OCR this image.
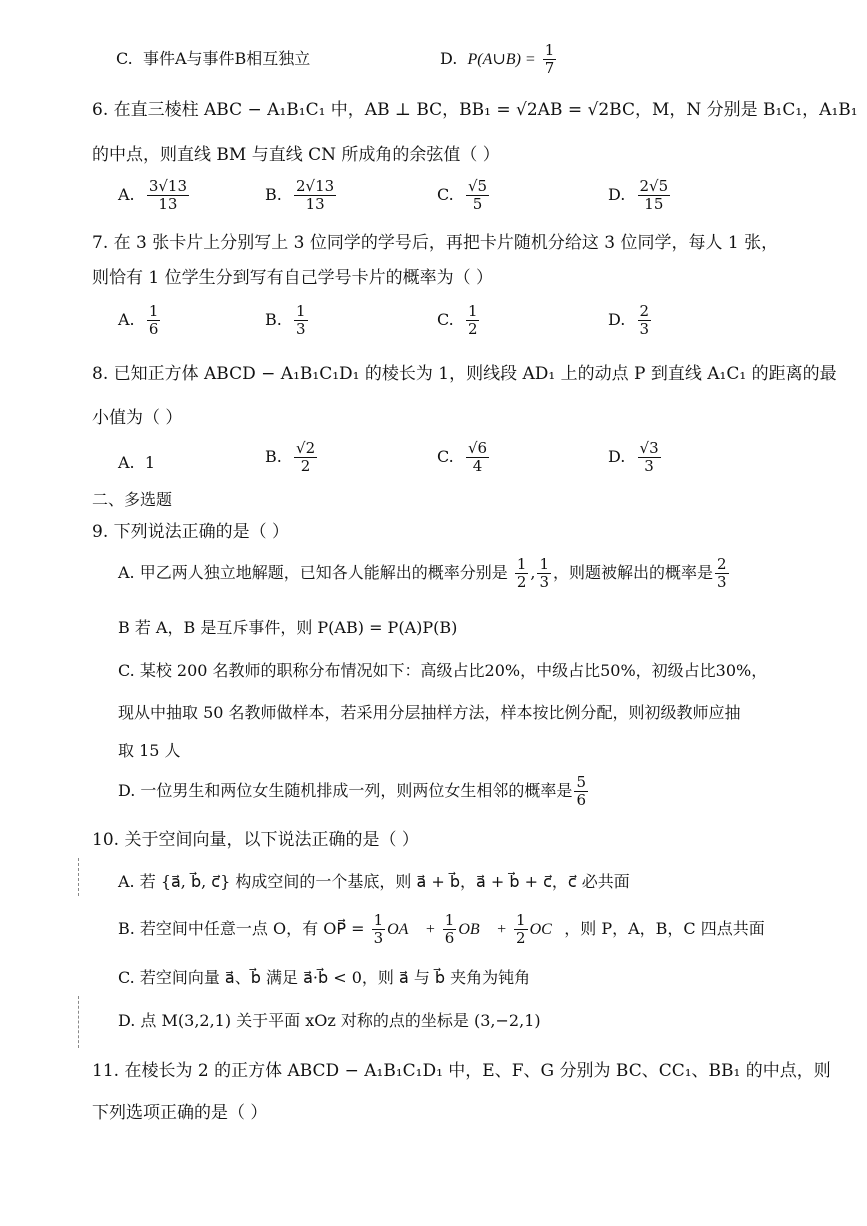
C. 事件A与事件B相互独立	D. P(A∪B) = $\frac{1}{7}$
6. 在直三棱柱 ABC − A₁B₁C₁ 中，AB ⊥ BC，BB₁ = √2AB = √2BC，M，N 分别是 B₁C₁，A₁B₁
的中点，则直线 BM 与直线 CN 所成角的余弦值（ ）
A. $\frac{3√13}{13}$	B. $\frac{2√13}{13}$	C. $\frac{√5}{5}$	D. $\frac{2√5}{15}$
7. 在 3 张卡片上分别写上 3 位同学的学号后，再把卡片随机分给这 3 位同学，每人 1 张，
则恰有 1 位学生分到写有自己学号卡片的概率为（ ）
A. $\frac{1}{6}$	B. $\frac{1}{3}$	C. $\frac{1}{2}$	D. $\frac{2}{3}$
8. 已知正方体 ABCD − A₁B₁C₁D₁ 的棱长为 1，则线段 AD₁ 上的动点 P 到直线 A₁C₁ 的距离的最
小值为（ ）
A. 1	B. $\frac{√2}{2}$	C. $\frac{√6}{4}$	D. $\frac{√3}{3}$
二、多选题
9. 下列说法正确的是（ ）
A. 甲乙两人独立地解题，已知各人能解出的概率分别是 $\frac{1}{2}$ , $\frac{1}{3}$ ，则题被解出的概率是 $\frac{2}{3}$
B 若 A，B 是互斥事件，则 P(AB) = P(A)P(B)
C. 某校 200 名教师的职称分布情况如下：高级占比20%，中级占比50%，初级占比30%，
现从中抽取 50 名教师做样本，若采用分层抽样方法，样本按比例分配，则初级教师应抽
取 15 人
D. 一位男生和两位女生随机排成一列，则两位女生相邻的概率是 $\frac{5}{6}$
10. 关于空间向量，以下说法正确的是（ ）
A. 若 {a⃗, b⃗, c⃗} 构成空间的一个基底，则 a⃗ + b⃗，a⃗ + b⃗ + c⃗，c⃗ 必共面
B. 若空间中任意一点 O，有 OP⃗ = $\frac{1}{3}$ OA⃗ + $\frac{1}{6}$ OB⃗ + $\frac{1}{2}$ OC⃗，则 P，A，B，C 四点共面
C. 若空间向量 a⃗、b⃗ 满足 a⃗·b⃗ < 0，则 a⃗ 与 b⃗ 夹角为钝角
D. 点 M(3,2,1) 关于平面 xOz 对称的点的坐标是 (3,−2,1)
11. 在棱长为 2 的正方体 ABCD − A₁B₁C₁D₁ 中，E、F、G 分别为 BC、CC₁、BB₁ 的中点，则
下列选项正确的是（ ）
